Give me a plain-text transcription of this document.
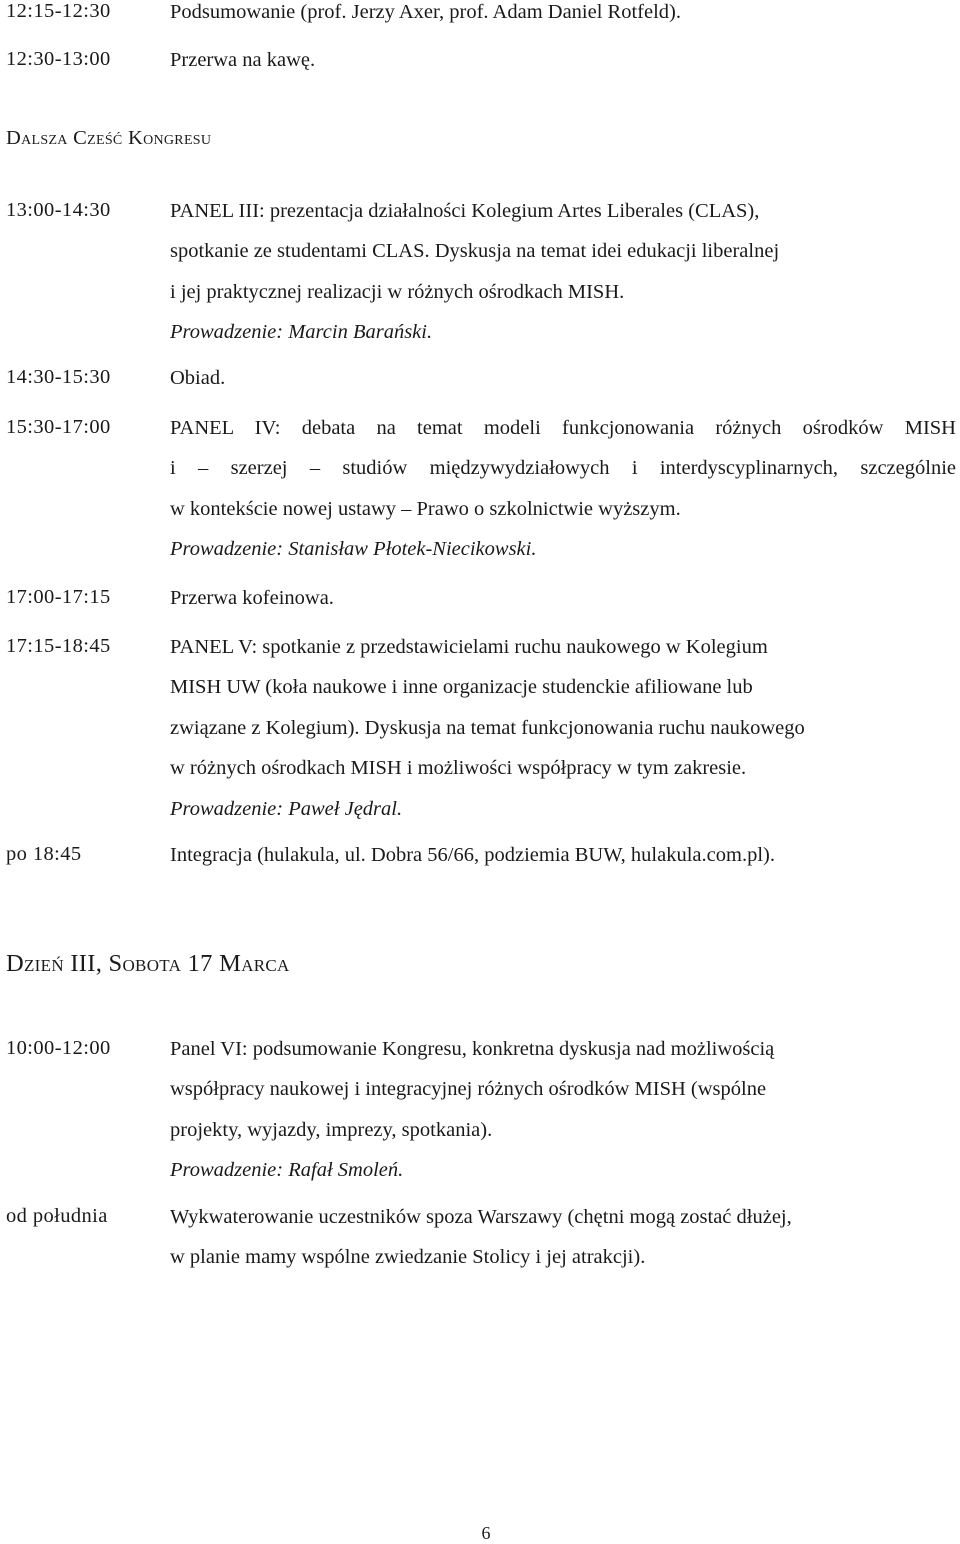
12:15-12:30	Podsumowanie (prof. Jerzy Axer, prof. Adam Daniel Rotfeld).
12:30-13:00	Przerwa na kawę.
Dalsza Cześć Kongresu
13:00-14:30	PANEL III: prezentacja działalności Kolegium Artes Liberales (CLAS),
spotkanie ze studentami CLAS. Dyskusja na temat idei edukacji liberalnej
i jej praktycznej realizacji w różnych ośrodkach MISH.
Prowadzenie: Marcin Barański.
14:30-15:30	Obiad.
15:30-17:00	PANEL IV: debata na temat modeli funkcjonowania różnych ośrodków MISH
i – szerzej – studiów międzywydziałowych i interdyscyplinarnych, szczególnie
w kontekście nowej ustawy – Prawo o szkolnictwie wyższym.
Prowadzenie: Stanisław Płotek-Niecikowski.
17:00-17:15	Przerwa kofeinowa.
17:15-18:45	PANEL V: spotkanie z przedstawicielami ruchu naukowego w Kolegium
MISH UW (koła naukowe i inne organizacje studenckie afiliowane lub
związane z Kolegium). Dyskusja na temat funkcjonowania ruchu naukowego
w różnych ośrodkach MISH i możliwości współpracy w tym zakresie.
Prowadzenie: Paweł Jędral.
po 18:45	Integracja (hulakula, ul. Dobra 56/66, podziemia BUW, hulakula.com.pl).
Dzień III, Sobota 17 Marca
10:00-12:00	Panel VI: podsumowanie Kongresu, konkretna dyskusja nad możliwością
współpracy naukowej i integracyjnej różnych ośrodków MISH (wspólne
projekty, wyjazdy, imprezy, spotkania).
Prowadzenie: Rafał Smoleń.
od południa	Wykwaterowanie uczestników spoza Warszawy (chętni mogą zostać dłużej,
w planie mamy wspólne zwiedzanie Stolicy i jej atrakcji).
6
